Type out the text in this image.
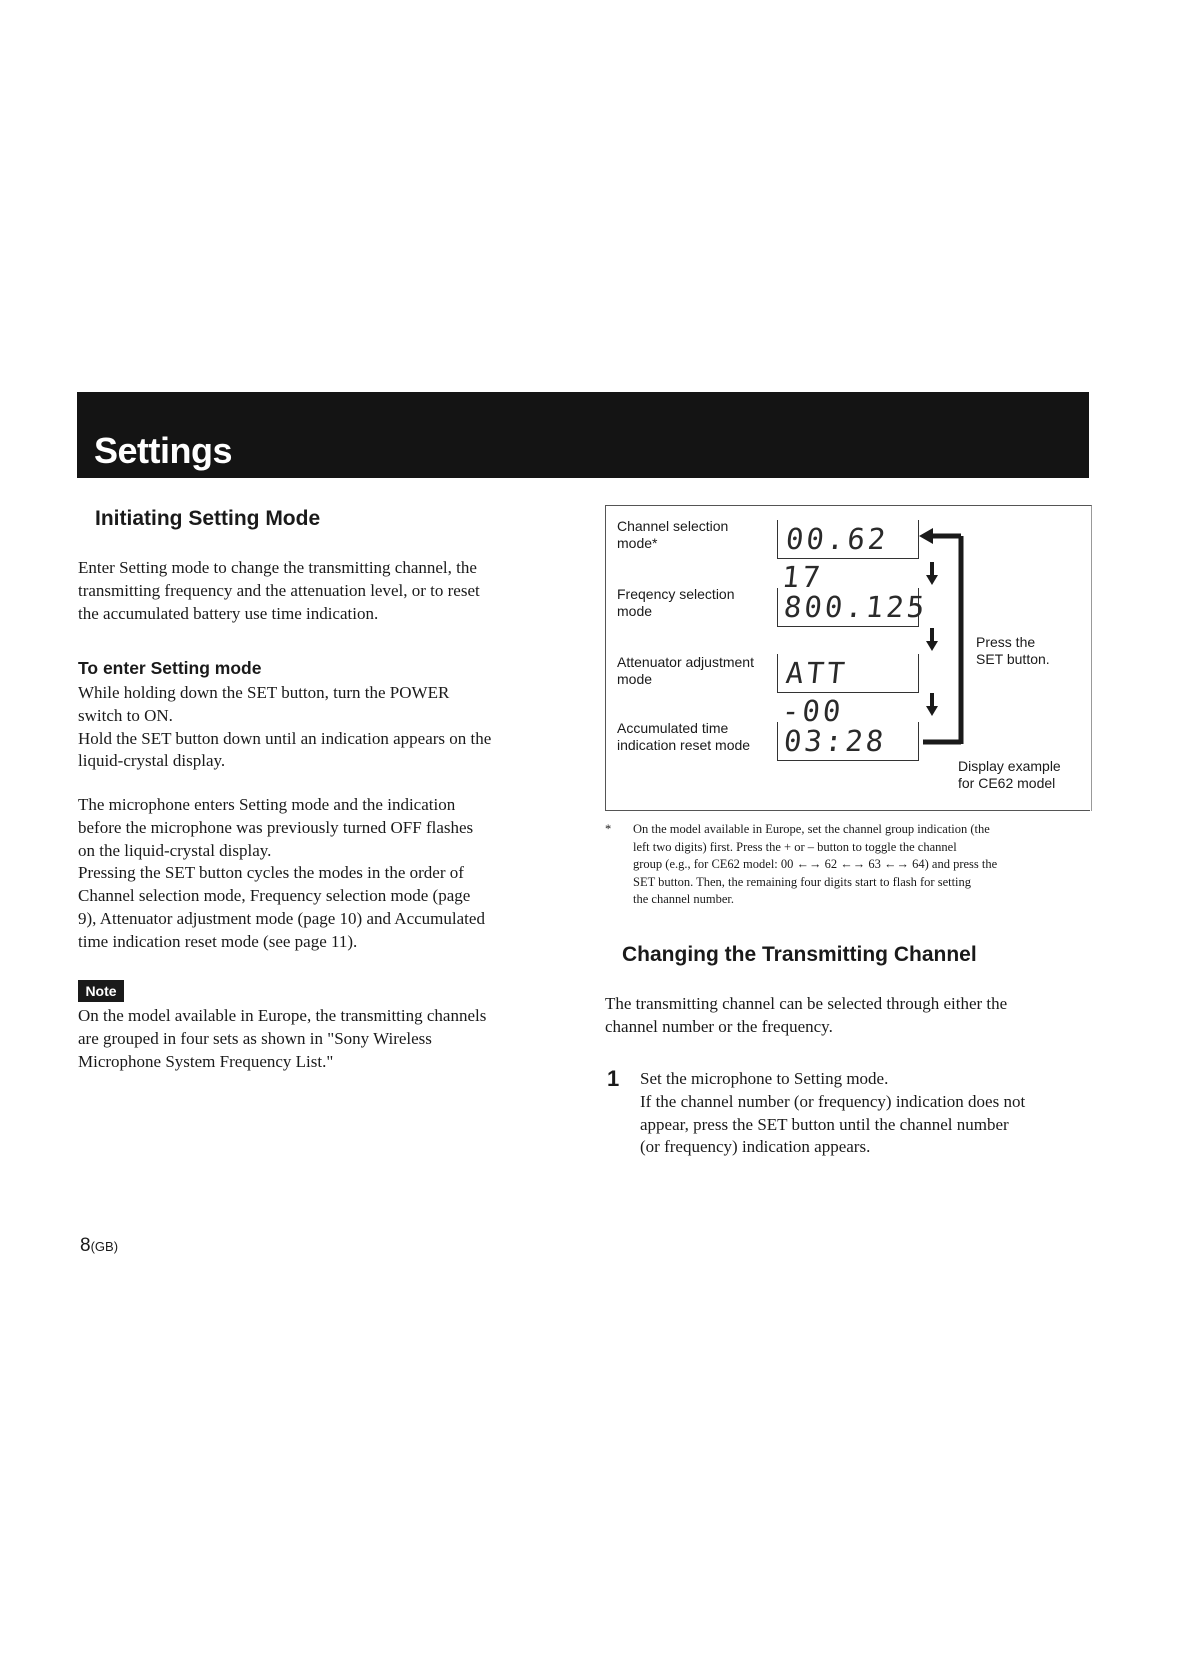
Settings
Initiating Setting Mode

Enter Setting mode to change the transmitting channel, the
transmitting frequency and the attenuation level, or to reset
the accumulated battery use time indication.

To enter Setting mode

While holding down the SET button, turn the POWER
switch to ON.
Hold the SET button down until an indication appears on the
liquid-crystal display.

The microphone enters Setting mode and the indication
before the microphone was previously turned OFF flashes
on the liquid-crystal display.
Pressing the SET button cycles the modes in the order of
Channel selection mode, Frequency selection mode (page
9), Attenuator adjustment mode (page 10) and Accumulated
time indication reset mode (see page 11).

Note

On the model available in Europe, the transmitting channels
are grouped in four sets as shown in "Sony Wireless
Microphone System Frequency List."

8(GB)
Channel selection
mode*	00.62 17
Freqency selection
mode	800.125
Attenuator adjustment
mode	ATT -00
Accumulated time
indication reset mode 03:28
Press the
SET button.
Display example
for CE62 model
*	On the model available in Europe, set the channel group indication (the
left two digits) first. Press the + or – button to toggle the channel
group (e.g., for CE62 model: 00 ←→ 62 ←→ 63 ←→ 64) and press the
SET button. Then, the remaining four digits start to flash for setting
the channel number.
Changing the Transmitting Channel

The transmitting channel can be selected through either the
channel number or the frequency.

1 Set the microphone to Setting mode.
If the channel number (or frequency) indication does not
appear, press the SET button until the channel number
(or frequency) indication appears.
